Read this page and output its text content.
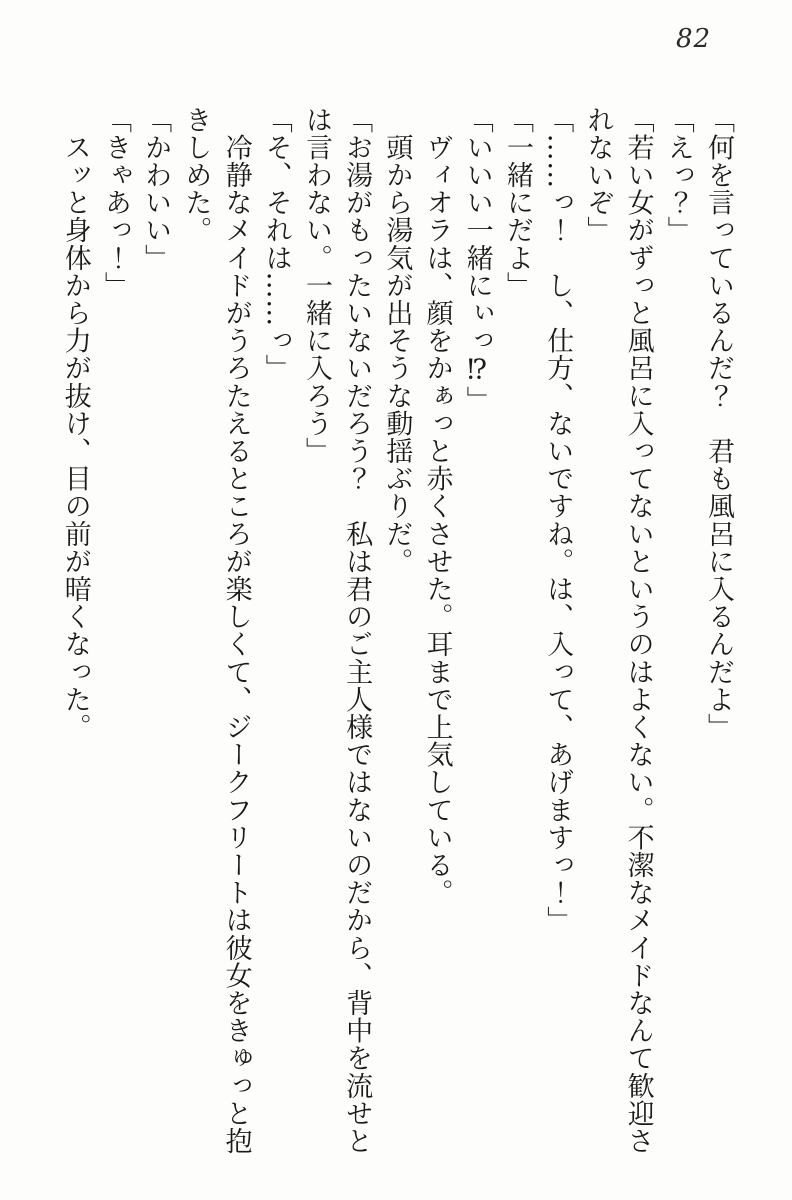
82

「何を言っているんだ？　君も風呂に入るんだよ」

「えっ？」

「若い女がずっと風呂に入ってないというのはよくない。不潔なメイドなんて歓迎さ

れないぞ」

「……っ！　し、仕方、ないですね。は、入って、あげますっ！」

「一緒にだよ」

「いいい一緒にぃっ⁉」

　ヴィオラは、顔をかぁっと赤くさせた。耳まで上気している。

　頭から湯気が出そうな動揺ぶりだ。

「お湯がもったいないだろう？　私は君のご主人様ではないのだから、背中を流せと

は言わない。一緒に入ろう」

「そ、それは……っ」

　冷静なメイドがうろたえるところが楽しくて、ジークフリートは彼女をきゅっと抱

きしめた。

「かわいい」

「きゃあっ！」

　スッと身体から力が抜け、目の前が暗くなった。
